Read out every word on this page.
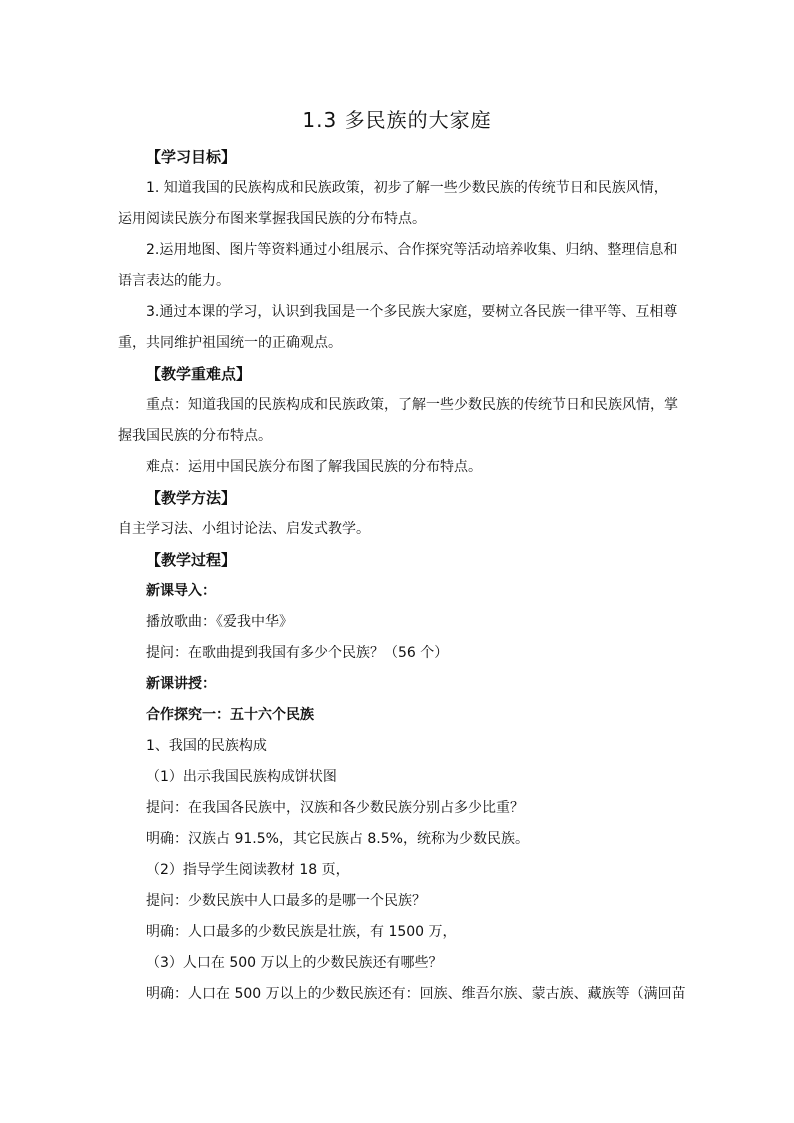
1.3 多民族的大家庭
【学习目标】
1. 知道我国的民族构成和民族政策，初步了解一些少数民族的传统节日和民族风情，
运用阅读民族分布图来掌握我国民族的分布特点。
2.运用地图、图片等资料通过小组展示、合作探究等活动培养收集、归纳、整理信息和
语言表达的能力。
3.通过本课的学习，认识到我国是一个多民族大家庭，要树立各民族一律平等、互相尊
重，共同维护祖国统一的正确观点。
【教学重难点】
重点：知道我国的民族构成和民族政策，了解一些少数民族的传统节日和民族风情，掌
握我国民族的分布特点。
难点：运用中国民族分布图了解我国民族的分布特点。
【教学方法】
自主学习法、小组讨论法、启发式教学。
【教学过程】
新课导入：
播放歌曲：《爱我中华》
提问：在歌曲提到我国有多少个民族？（56 个）
新课讲授：
合作探究一：五十六个民族
1、我国的民族构成
（1）出示我国民族构成饼状图
提问：在我国各民族中，汉族和各少数民族分别占多少比重？
明确：汉族占 91.5%，其它民族占 8.5%，统称为少数民族。
（2）指导学生阅读教材 18 页，
提问：少数民族中人口最多的是哪一个民族？
明确：人口最多的少数民族是壮族，有 1500 万，
（3）人口在 500 万以上的少数民族还有哪些？
明确：人口在 500 万以上的少数民族还有：回族、维吾尔族、蒙古族、藏族等（满回苗
